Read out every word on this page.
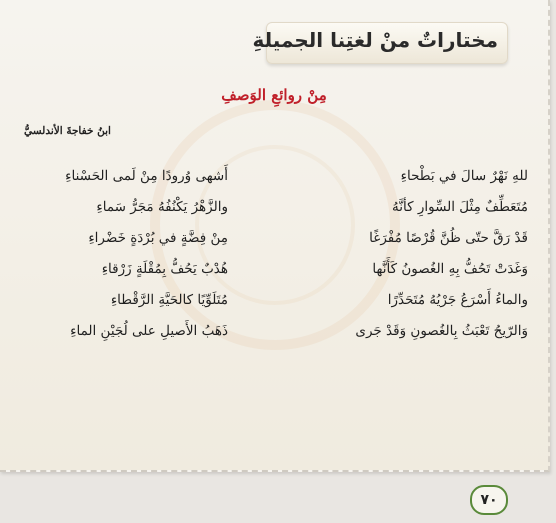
مختاراتٌ منْ لغتِنا الجميلةِ
مِنْ روائعِ الوَصفِ
ابنُ خفاجةَ الأندلسيُّ
للهِ نَهْرٌ سالَ في بَطْحاءِ
أَشهى وُرودًا مِنْ لَمى الحَسْناءِ
مُتَعَطِّفٌ مِثْلَ السِّوارِ كأنَّهُ
والزَّهْرُ يَكْنُفُهُ مَجَرُّ سَماءِ
قَدْ رَقَّ حتّى ظُنَّ قُرْصًا مُفْرَغًا
مِنْ فِضَّةٍ في بُرْدَةٍ خَضْراءِ
وَغَدَتْ تَحُفُّ بِهِ الغُصونُ كَأَنَّها
هُدْبٌ يَحُفُّ بِمُقْلَةٍ زَرْقاءِ
والماءُ أَسْرَعُ جَرْيُهُ مُتَحَدِّرًا
مُتَلَوِّيًا كالحَيَّةِ الرَّقْطاءِ
وَالرّيحُ تَعْبَثُ بِالغُصونِ وَقَدْ جَرى
ذَهَبُ الأَصيلِ على لُجَيْنِ الماءِ
٧٠
